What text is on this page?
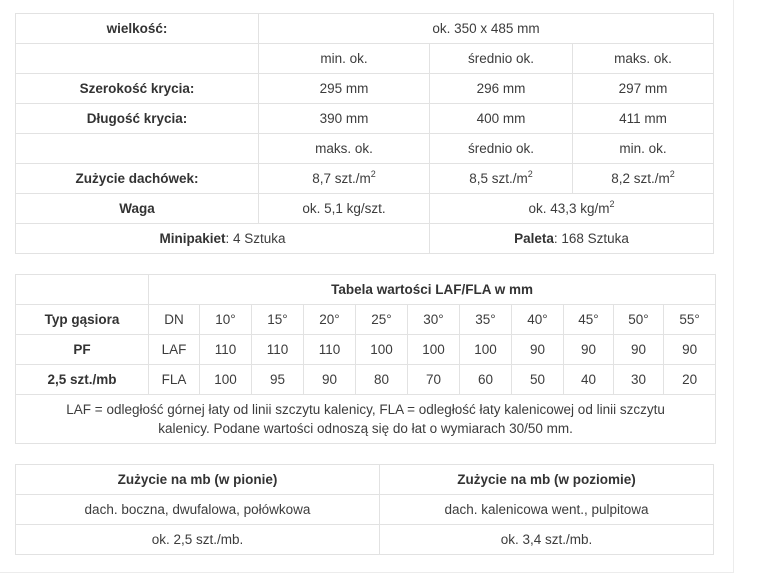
wielkość:	ok. 350 x 485 mm		
	min. ok.	średnio ok.	maks. ok.
Szerokość krycia:	295 mm	296 mm	297 mm
Długość krycia:	390 mm	400 mm	411 mm
	maks. ok.	średnio ok.	min. ok.
Zużycie dachówek:	8,7 $szt./m^2$	8,5 $szt./m^2$	8,2 $szt./m^2$
Waga	ok. 5,1 kg/szt.	ok. 43,3 $kg/m^2$
Minipakiet: 4 Sztuka		Paleta: 168 Sztuka	
	Tabela wartości LAF/FLA w mm										
Typ gąsiora	DN	10°	15°	20°	25°	30°	35°	40°	45°	50°	55°
PF	LAF	110	110	110	100	100	100	90	90	90	90
2,5 szt./mb	FLA	100	95	90	80	70	60	50	40	30	20
LAF = odległość górnej łaty od linii szczytu kalenicy, FLA = odległość łaty kalenicowej od linii szczytu kalenicy. Podane wartości odnoszą się do łat o wymiarach 30/50 mm.											
Zużycie na mb (w pionie)	Zużycie na mb (w poziomie)
dach. boczna, dwufalowa, połówkowa	dach. kalenicowa went., pulpitowa
ok. 2,5 szt./mb.	ok. 3,4 szt./mb.
